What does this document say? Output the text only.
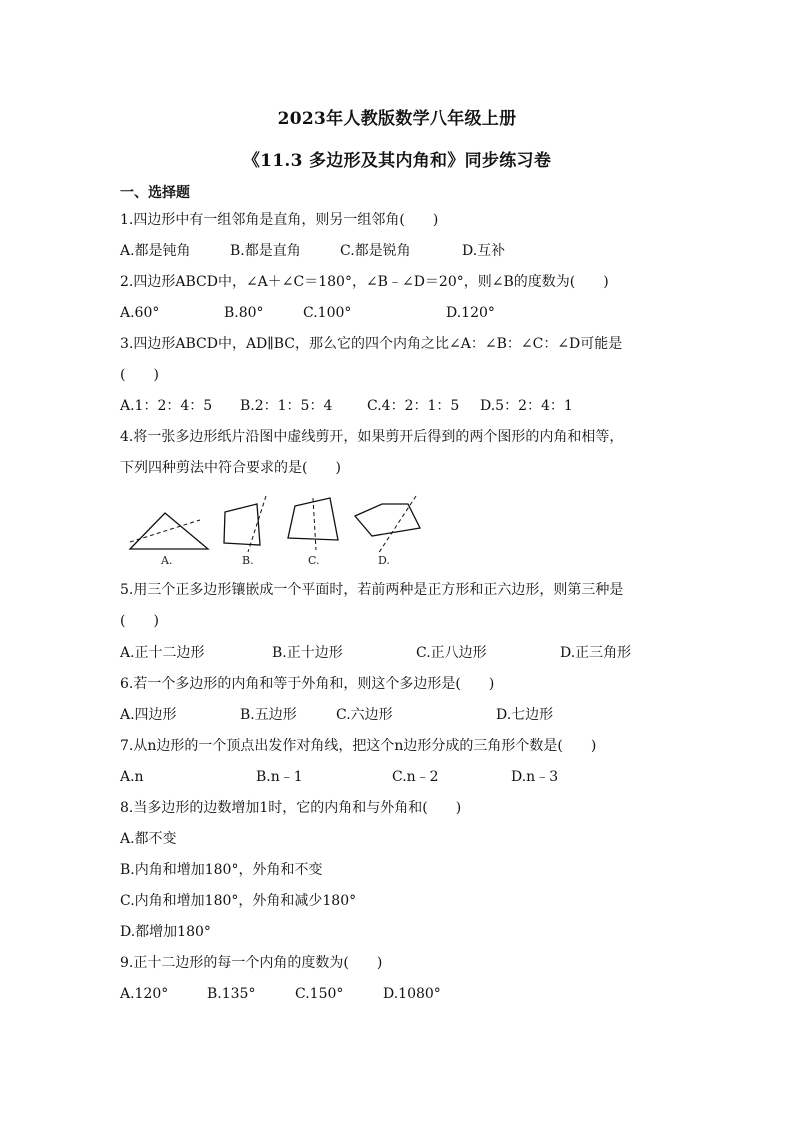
2023年人教版数学八年级上册
《11.3 多边形及其内角和》同步练习卷
一、选择题
1.四边形中有一组邻角是直角，则另一组邻角(　　)
A.都是钝角	B.都是直角	C.都是锐角	D.互补
2.四边形ABCD中，∠A＋∠C＝180°，∠B﹣∠D＝20°，则∠B的度数为(　　)
A.60°	B.80°	C.100°	D.120°
3.四边形ABCD中，AD∥BC，那么它的四个内角之比∠A：∠B：∠C：∠D可能是
(　　)
A.1：2：4：5 B.2：1：5：4 C.4：2：1：5 D.5：2：4：1
4.将一张多边形纸片沿图中虚线剪开，如果剪开后得到的两个图形的内角和相等，
下列四种剪法中符合要求的是(　　)
A.	B.	C.	D.
5.用三个正多边形镶嵌成一个平面时，若前两种是正方形和正六边形，则第三种是
(　　)
A.正十二边形	B.正十边形	C.正八边形	D.正三角形
6.若一个多边形的内角和等于外角和，则这个多边形是(　　)
A.四边形	B.五边形	C.六边形	D.七边形
7.从n边形的一个顶点出发作对角线，把这个n边形分成的三角形个数是(　　)
A.n	B.n﹣1	C.n﹣2	D.n﹣3
8.当多边形的边数增加1时，它的内角和与外角和(　　)
A.都不变
B.内角和增加180°，外角和不变
C.内角和增加180°，外角和减少180°
D.都增加180°
9.正十二边形的每一个内角的度数为(　　)
A.120°	B.135°	C.150°	D.1080°
